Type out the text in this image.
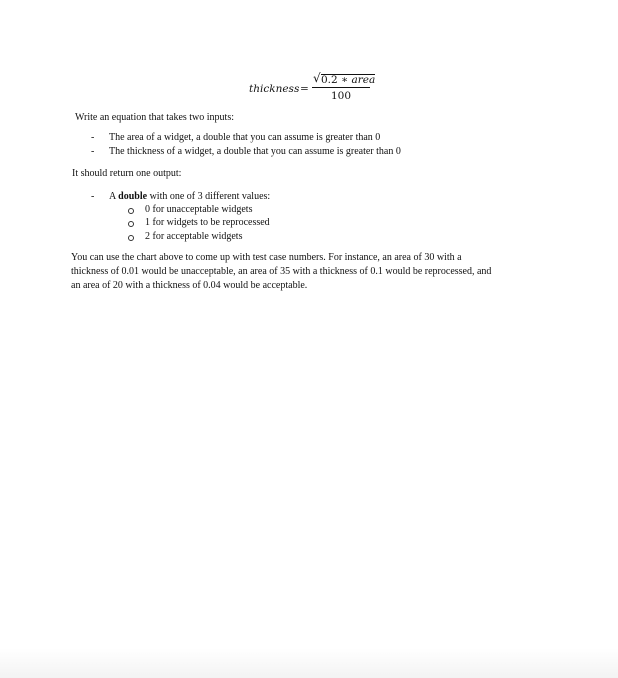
thickness =
√ 0.2 ∗ area
100
Write an equation that takes two inputs:
- The area of a widget, a double that you can assume is greater than 0
- The thickness of a widget, a double that you can assume is greater than 0
It should return one output:
- A double with one of 3 different values:
0 for unacceptable widgets
1 for widgets to be reprocessed
2 for acceptable widgets
You can use the chart above to come up with test case numbers. For instance, an area of 30 with a
thickness of 0.01 would be unacceptable, an area of 35 with a thickness of 0.1 would be reprocessed, and
an area of 20 with a thickness of 0.04 would be acceptable.
